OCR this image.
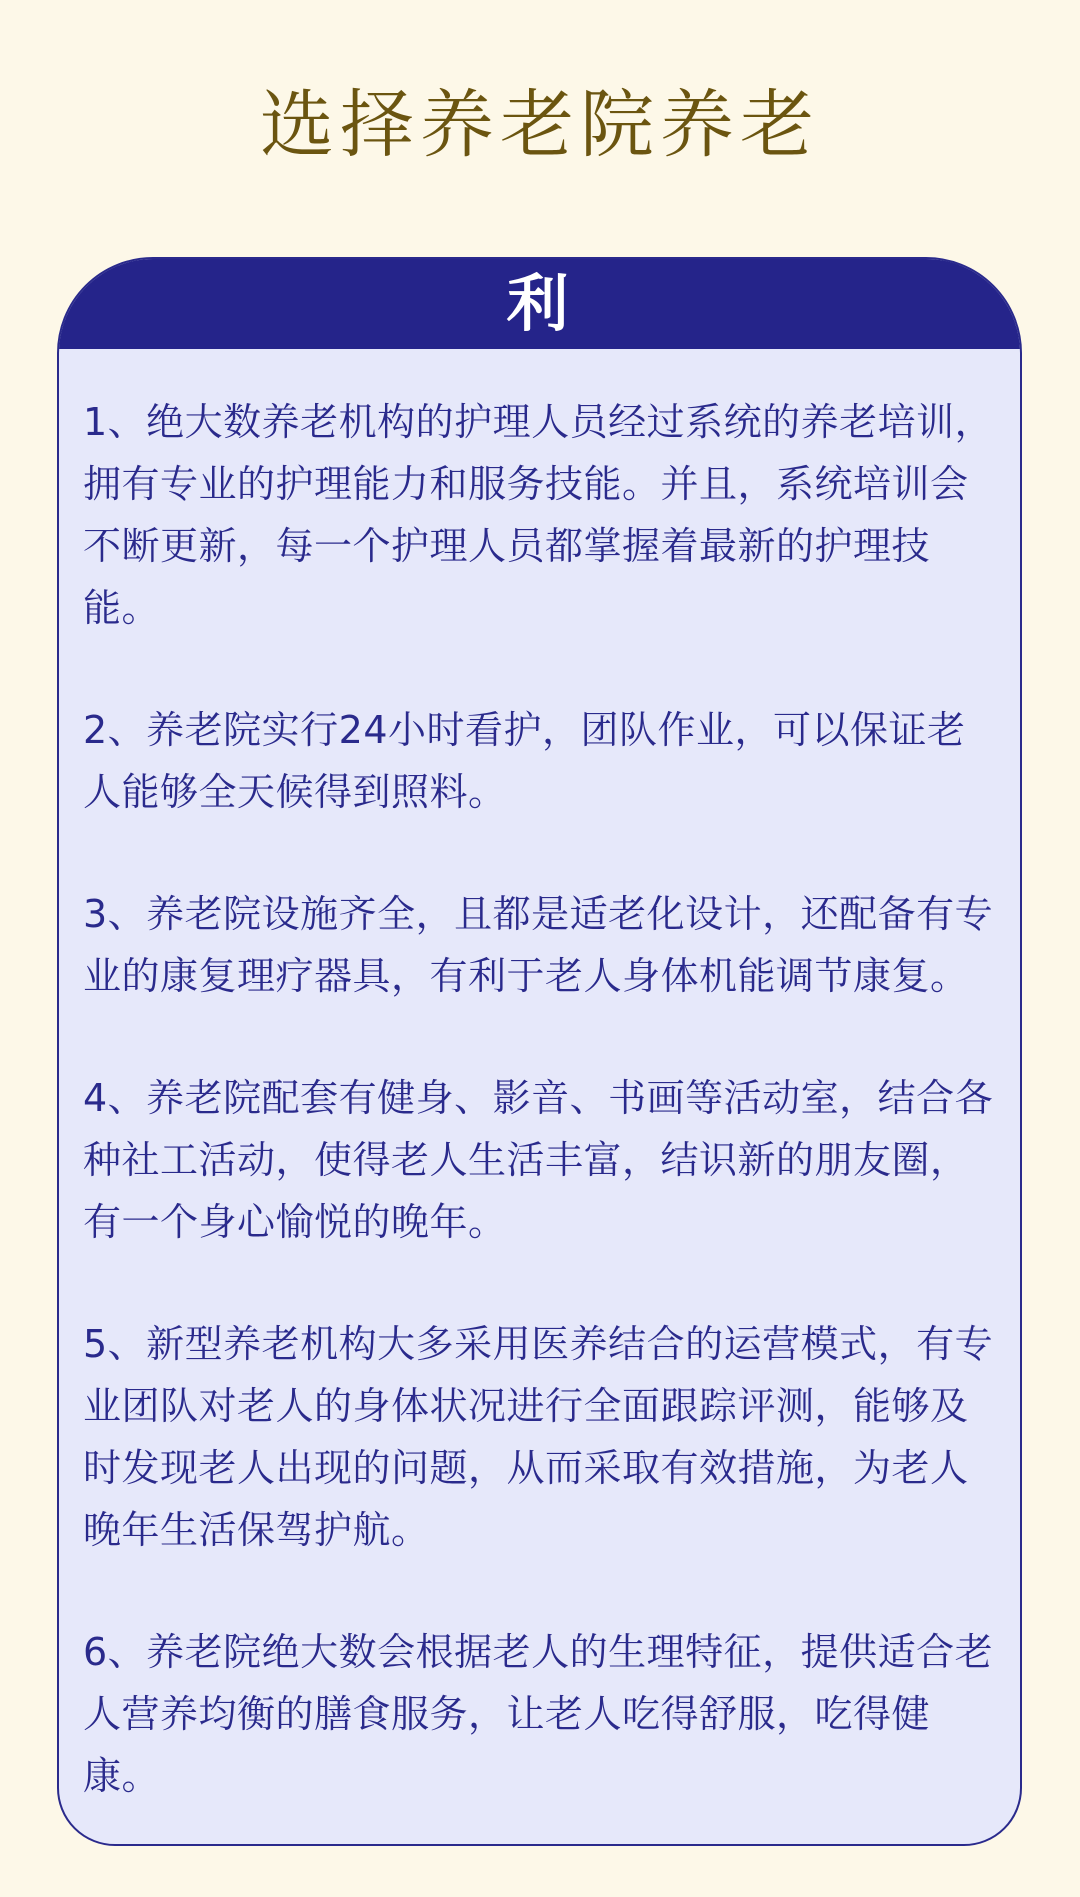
选择养老院养老
利

1、绝大数养老机构的护理人员经过系统的养老培训，拥有专业的护理能力和服务技能。并且，系统培训会不断更新，每一个护理人员都掌握着最新的护理技能。

2、养老院实行24小时看护，团队作业，可以保证老人能够全天候得到照料。

3、养老院设施齐全，且都是适老化设计，还配备有专业的康复理疗器具，有利于老人身体机能调节康复。

4、养老院配套有健身、影音、书画等活动室，结合各种社工活动，使得老人生活丰富，结识新的朋友圈，有一个身心愉悦的晚年。

5、新型养老机构大多采用医养结合的运营模式，有专业团队对老人的身体状况进行全面跟踪评测，能够及时发现老人出现的问题，从而采取有效措施，为老人晚年生活保驾护航。

6、养老院绝大数会根据老人的生理特征，提供适合老人营养均衡的膳食服务，让老人吃得舒服，吃得健康。
